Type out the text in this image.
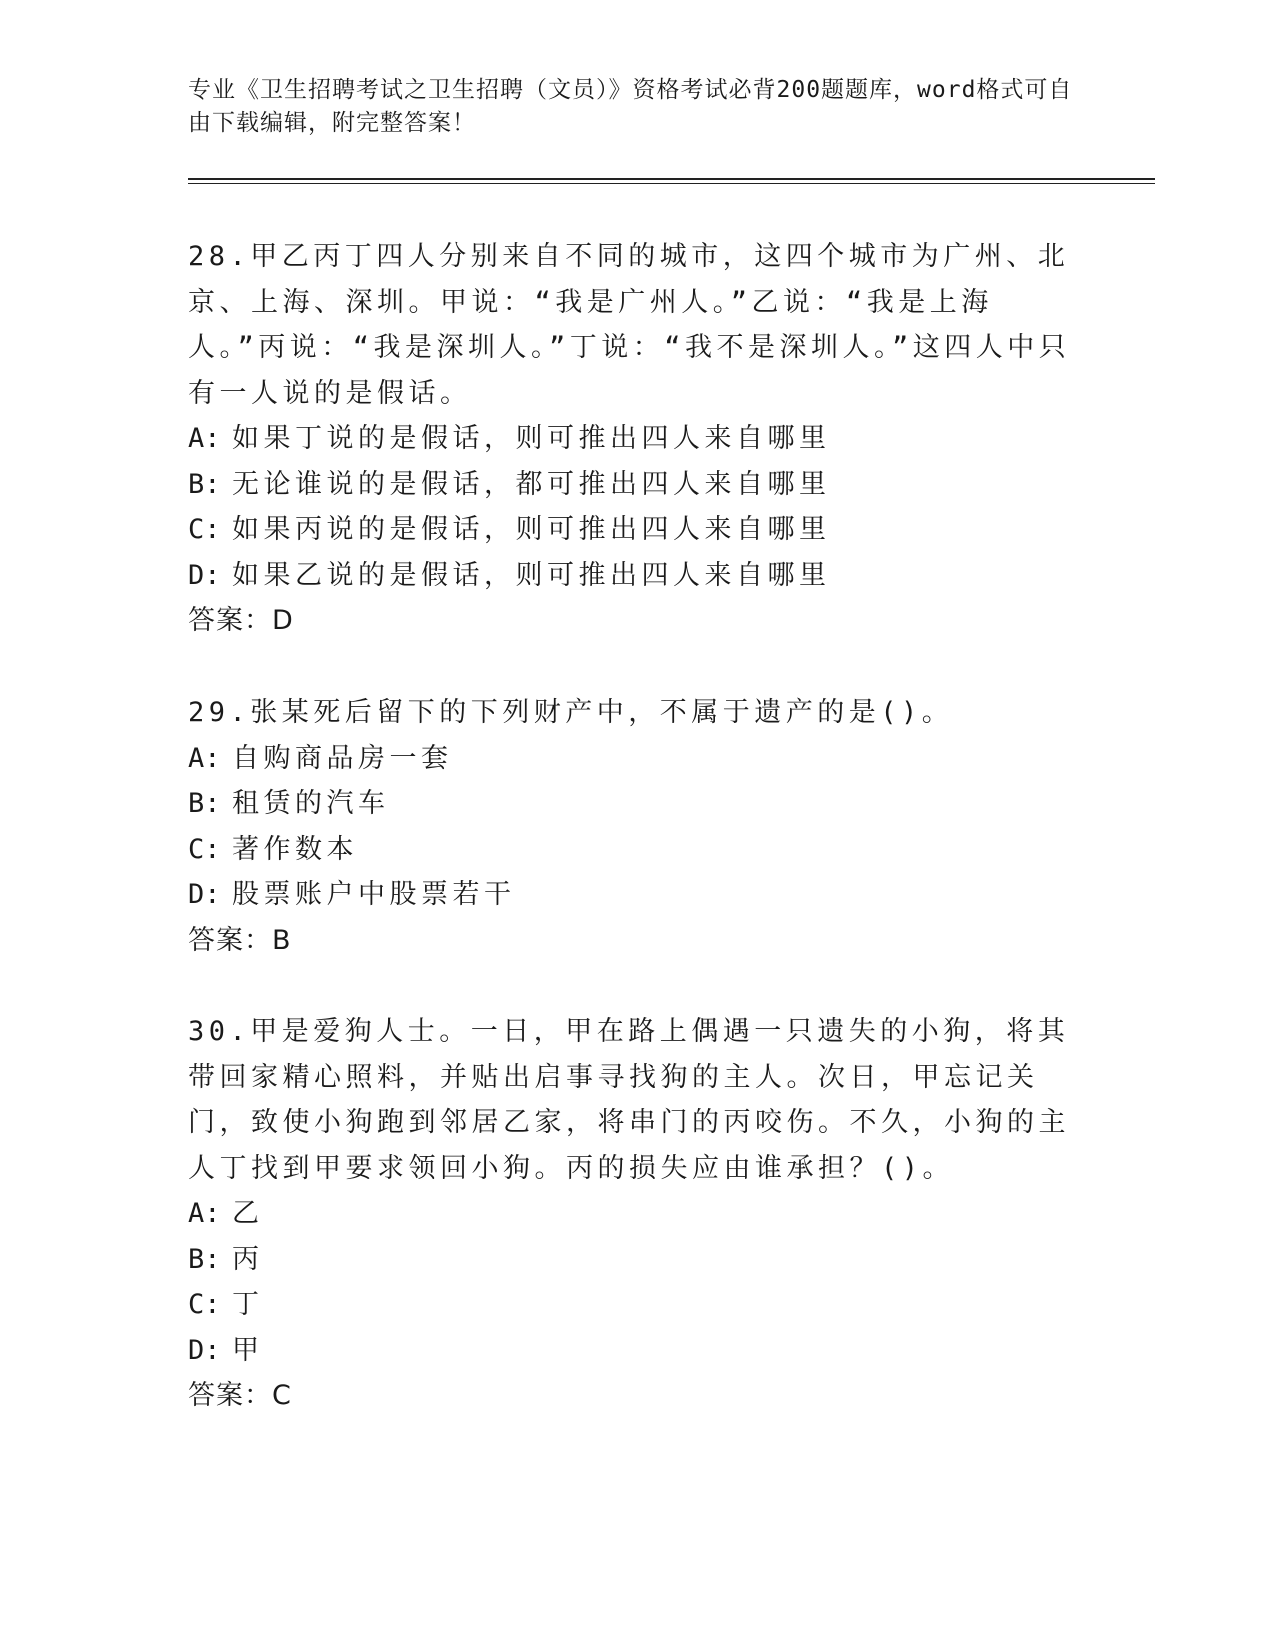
专业《卫生招聘考试之卫生招聘（文员）》资格考试必背200题题库，word格式可自由下载编辑，附完整答案！

28.甲乙丙丁四人分别来自不同的城市，这四个城市为广州、北京、上海、深圳。甲说：“我是广州人。”乙说：“我是上海人。”丙说：“我是深圳人。”丁说：“我不是深圳人。”这四人中只有一人说的是假话。

A: 如果丁说的是假话，则可推出四人来自哪里

B: 无论谁说的是假话，都可推出四人来自哪里

C: 如果丙说的是假话，则可推出四人来自哪里

D: 如果乙说的是假话，则可推出四人来自哪里

答案：D

29.张某死后留下的下列财产中，不属于遗产的是()。

A: 自购商品房一套

B: 租赁的汽车

C: 著作数本

D: 股票账户中股票若干

答案：B

30.甲是爱狗人士。一日，甲在路上偶遇一只遗失的小狗，将其带回家精心照料，并贴出启事寻找狗的主人。次日，甲忘记关门，致使小狗跑到邻居乙家，将串门的丙咬伤。不久，小狗的主人丁找到甲要求领回小狗。丙的损失应由谁承担？()。

A: 乙

B: 丙

C: 丁

D: 甲

答案：C
